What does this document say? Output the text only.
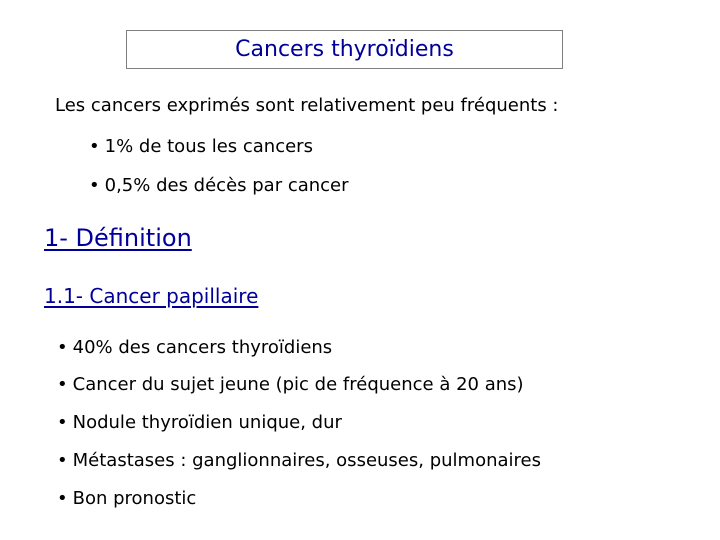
Cancers thyroïdiens
Les cancers exprimés sont relativement peu fréquents :
• 1% de tous les cancers
• 0,5% des décès par cancer
1- Définition
1.1- Cancer papillaire
• 40% des cancers thyroïdiens
• Cancer du sujet jeune (pic de fréquence à 20 ans)
• Nodule thyroïdien unique, dur
• Métastases : ganglionnaires, osseuses, pulmonaires
• Bon pronostic
